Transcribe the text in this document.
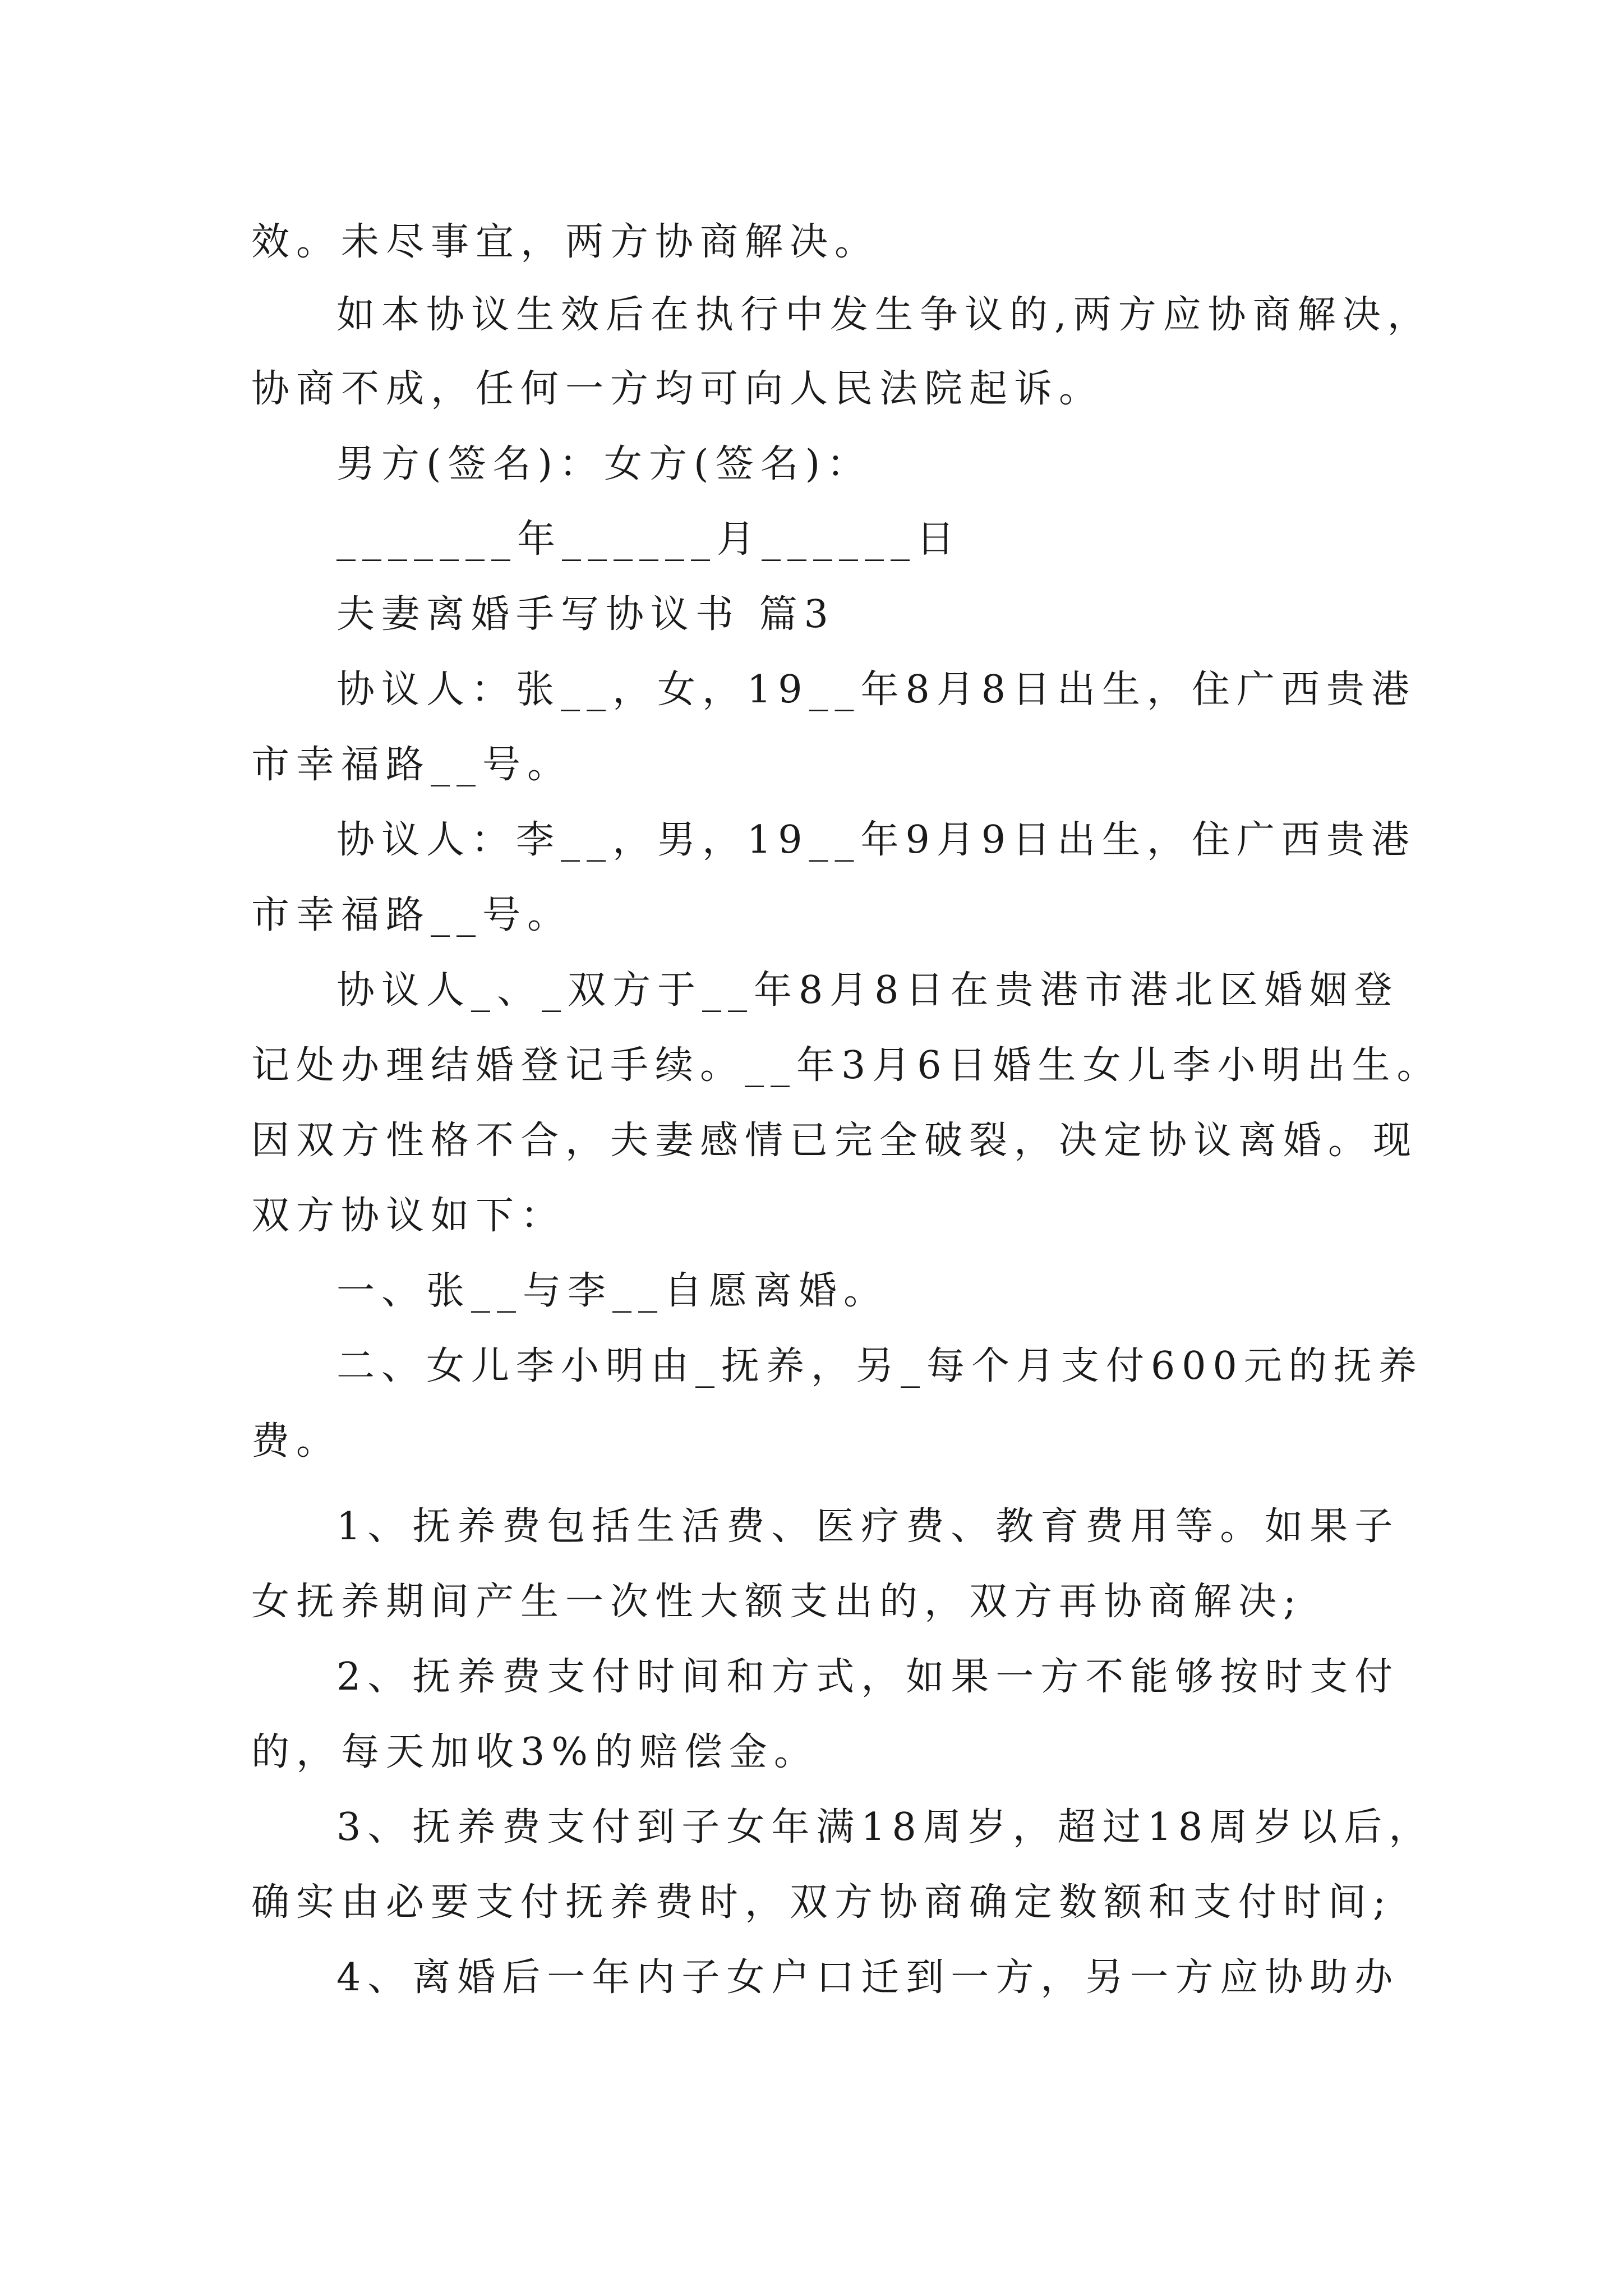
效。未尽事宜，两方协商解决。
如本协议生效后在执行中发生争议的,两方应协商解决，
协商不成，任何一方均可向人民法院起诉。
男方(签名)：女方(签名)：
_______年______月______日
夫妻离婚手写协议书 篇3
协议人：张__，女，19__年8月8日出生，住广西贵港
市幸福路__号。
协议人：李__，男，19__年9月9日出生，住广西贵港
市幸福路__号。
协议人_、_双方于__年8月8日在贵港市港北区婚姻登
记处办理结婚登记手续。__年3月6日婚生女儿李小明出生。
因双方性格不合，夫妻感情已完全破裂，决定协议离婚。现
双方协议如下：
一、张__与李__自愿离婚。
二、女儿李小明由_抚养，另_每个月支付600元的抚养
费。
1、抚养费包括生活费、医疗费、教育费用等。如果子
女抚养期间产生一次性大额支出的，双方再协商解决;
2、抚养费支付时间和方式，如果一方不能够按时支付
的，每天加收3%的赔偿金。
3、抚养费支付到子女年满18周岁，超过18周岁以后，
确实由必要支付抚养费时，双方协商确定数额和支付时间;
4、离婚后一年内子女户口迁到一方，另一方应协助办
